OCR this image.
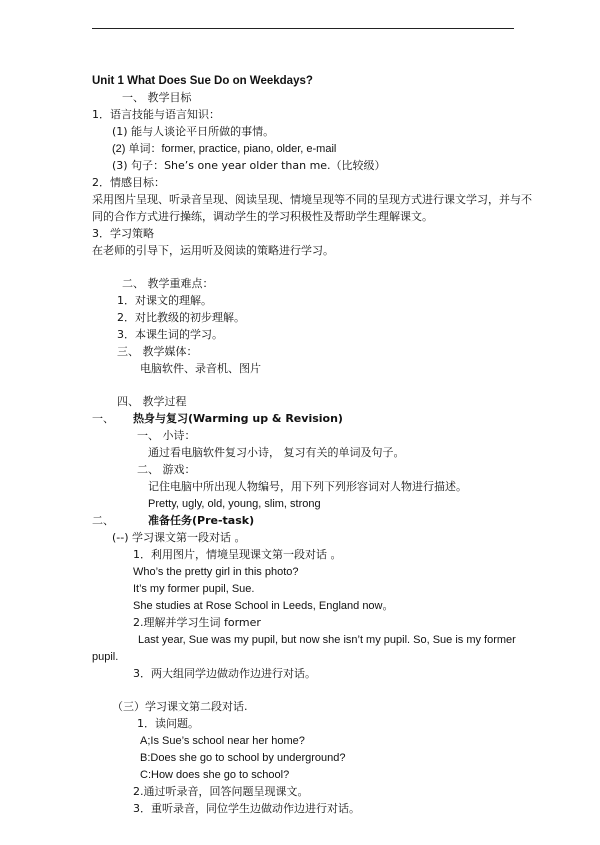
Unit 1 What Does Sue Do on Weekdays?
一、 教学目标
1．语言技能与语言知识：
(1) 能与人谈论平日所做的事情。
(2) 单词：former, practice, piano, older, e-mail
(3) 句子：She’s one year older than me.（比较级）
2．情感目标：
采用图片呈现、听录音呈现、阅读呈现、情境呈现等不同的呈现方式进行课文学习，并与不
同的合作方式进行操练，调动学生的学习积极性及帮助学生理解课文。
3．学习策略
在老师的引导下，运用听及阅读的策略进行学习。
二、 教学重难点：
1．对课文的理解。
2．对比教级的初步理解。
3．本课生词的学习。
三、 教学媒体：
电脑软件、录音机、图片
四、 教学过程
一、 热身与复习(Warming up & Revision)
一、 小诗：
通过看电脑软件复习小诗， 复习有关的单词及句子。
二、 游戏：
记住电脑中所出现人物编号，用下列下列形容词对人物进行描述。
Pretty, ugly, old, young, slim, strong
二、	准备任务(Pre-task)
(--) 学习课文第一段对话 。
1．利用图片，情境呈现课文第一段对话 。
Who’s the pretty girl in this photo?
It’s my former pupil, Sue.
She studies at Rose School in Leeds, England now。
2.理解并学习生词 former
Last year, Sue was my pupil, but now she isn’t my pupil. So, Sue is my former
pupil.
3．两大组同学边做动作边进行对话。
（三）学习课文第二段对话.
1．读问题。
A;Is Sue’s school near her home?
B:Does she go to school by underground?
C:How does she go to school?
2.通过听录音，回答问题呈现课文。
3．重听录音，同位学生边做动作边进行对话。
